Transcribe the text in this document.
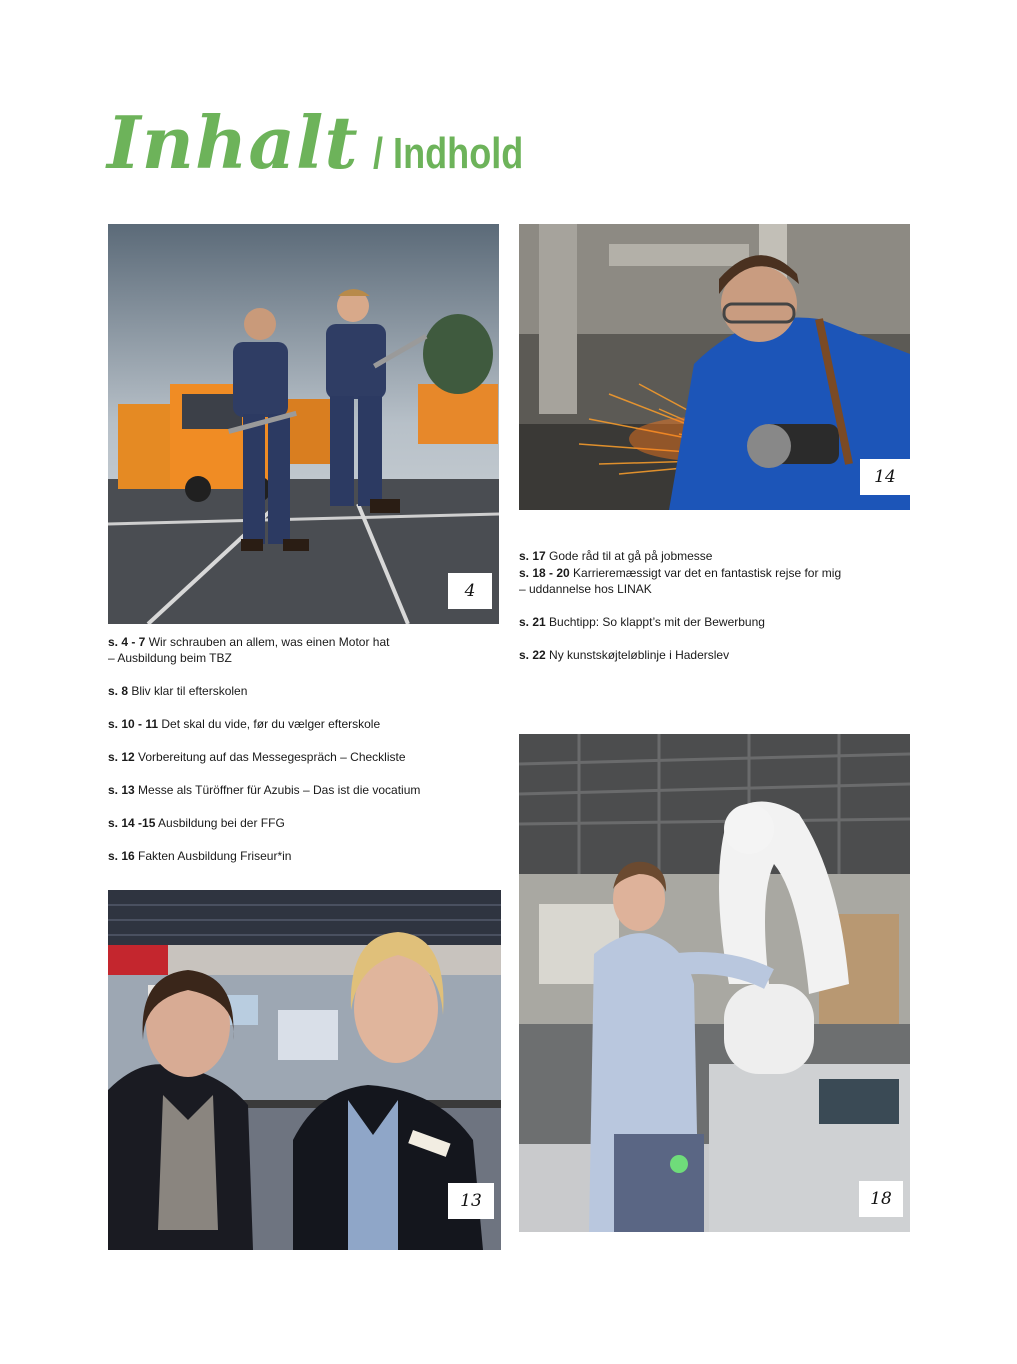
Inhalt / Indhold
4
14
s. 17 Gode råd til at gå på jobmesse

s. 18 - 20 Karrieremæssigt var det en fantastisk rejse for mig
– uddannelse hos LINAK
s. 21 Buchtipp: So klappt’s mit der Bewerbung
s. 22 Ny kunstskøjteløblinje i Haderslev
s. 4 - 7 Wir schrauben an allem, was einen Motor hat
– Ausbildung beim TBZ
s. 8 Bliv klar til efterskolen
s. 10 - 11 Det skal du vide, før du vælger efterskole
s. 12 Vorbereitung auf das Messegespräch – Checkliste
s. 13 Messe als Türöffner für Azubis – Das ist die vocatium
s. 14 -15 Ausbildung bei der FFG
s. 16 Fakten Ausbildung Friseur*in
13	18
